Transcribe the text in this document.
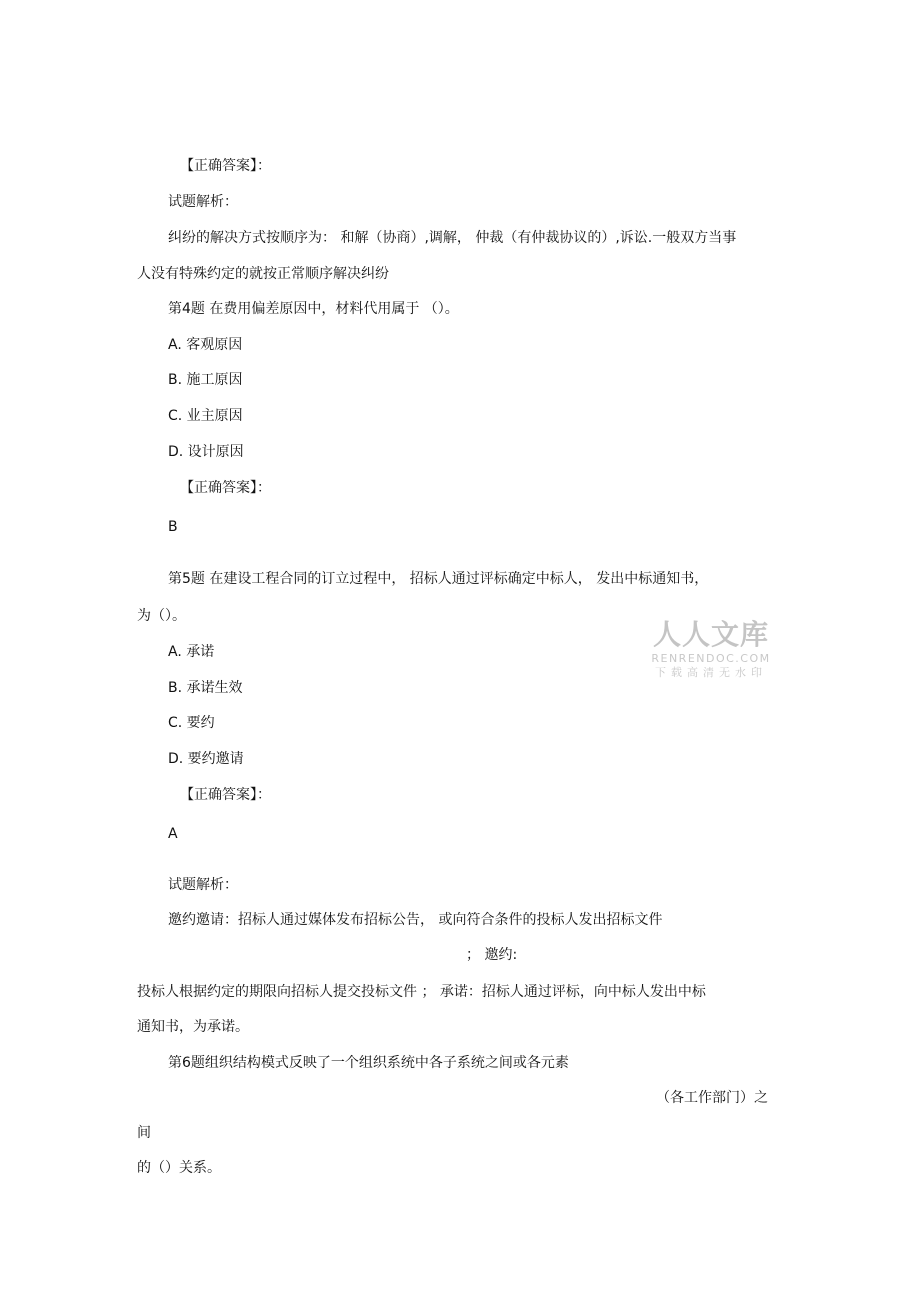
【正确答案】：
试题解析：
纠纷的解决方式按顺序为： 和解（协商）,调解， 仲裁（有仲裁协议的）,诉讼.一般双方当事
人没有特殊约定的就按正常顺序解决纠纷
第4题 在费用偏差原因中，材料代用属于 （）。
A. 客观原因
B. 施工原因
C. 业主原因
D. 设计原因
【正确答案】：
B
第5题 在建设工程合同的订立过程中， 招标人通过评标确定中标人， 发出中标通知书，
为（）。
A. 承诺
B. 承诺生效
C. 要约
D. 要约邀请
【正确答案】：
A
试题解析：
邀约邀请：招标人通过媒体发布招标公告， 或向符合条件的投标人发出招标文件
； 邀约:
投标人根据约定的期限向招标人提交投标文件 ； 承诺：招标人通过评标，向中标人发出中标
通知书，为承诺。
第6题组织结构模式反映了一个组织系统中各子系统之间或各元素
（各工作部门）之
间
的（）关系。
人人文库
RENRENDOC.COM
下载高清无水印
